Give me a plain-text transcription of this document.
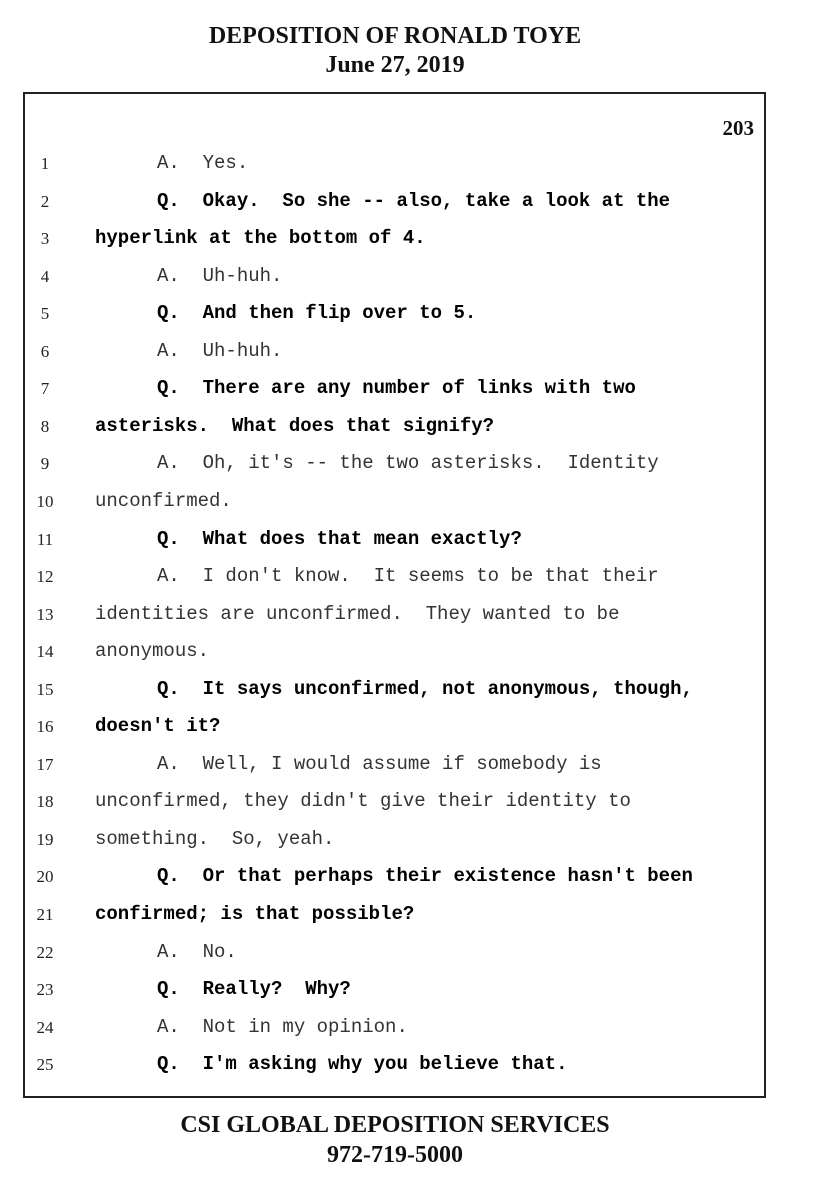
DEPOSITION OF RONALD TOYE
June 27, 2019
203
1	A.  Yes.
2	Q.  Okay.  So she -- also, take a look at the
3	hyperlink at the bottom of 4.
4	A.  Uh-huh.
5	Q.  And then flip over to 5.
6	A.  Uh-huh.
7	Q.  There are any number of links with two
8	asterisks.  What does that signify?
9	A.  Oh, it's -- the two asterisks.  Identity
10	unconfirmed.
11	Q.  What does that mean exactly?
12	A.  I don't know.  It seems to be that their
13	identities are unconfirmed.  They wanted to be
14	anonymous.
15	Q.  It says unconfirmed, not anonymous, though,
16	doesn't it?
17	A.  Well, I would assume if somebody is
18	unconfirmed, they didn't give their identity to
19	something.  So, yeah.
20	Q.  Or that perhaps their existence hasn't been
21	confirmed; is that possible?
22	A.  No.
23	Q.  Really?  Why?
24	A.  Not in my opinion.
25	Q.  I'm asking why you believe that.
CSI GLOBAL DEPOSITION SERVICES
972-719-5000
